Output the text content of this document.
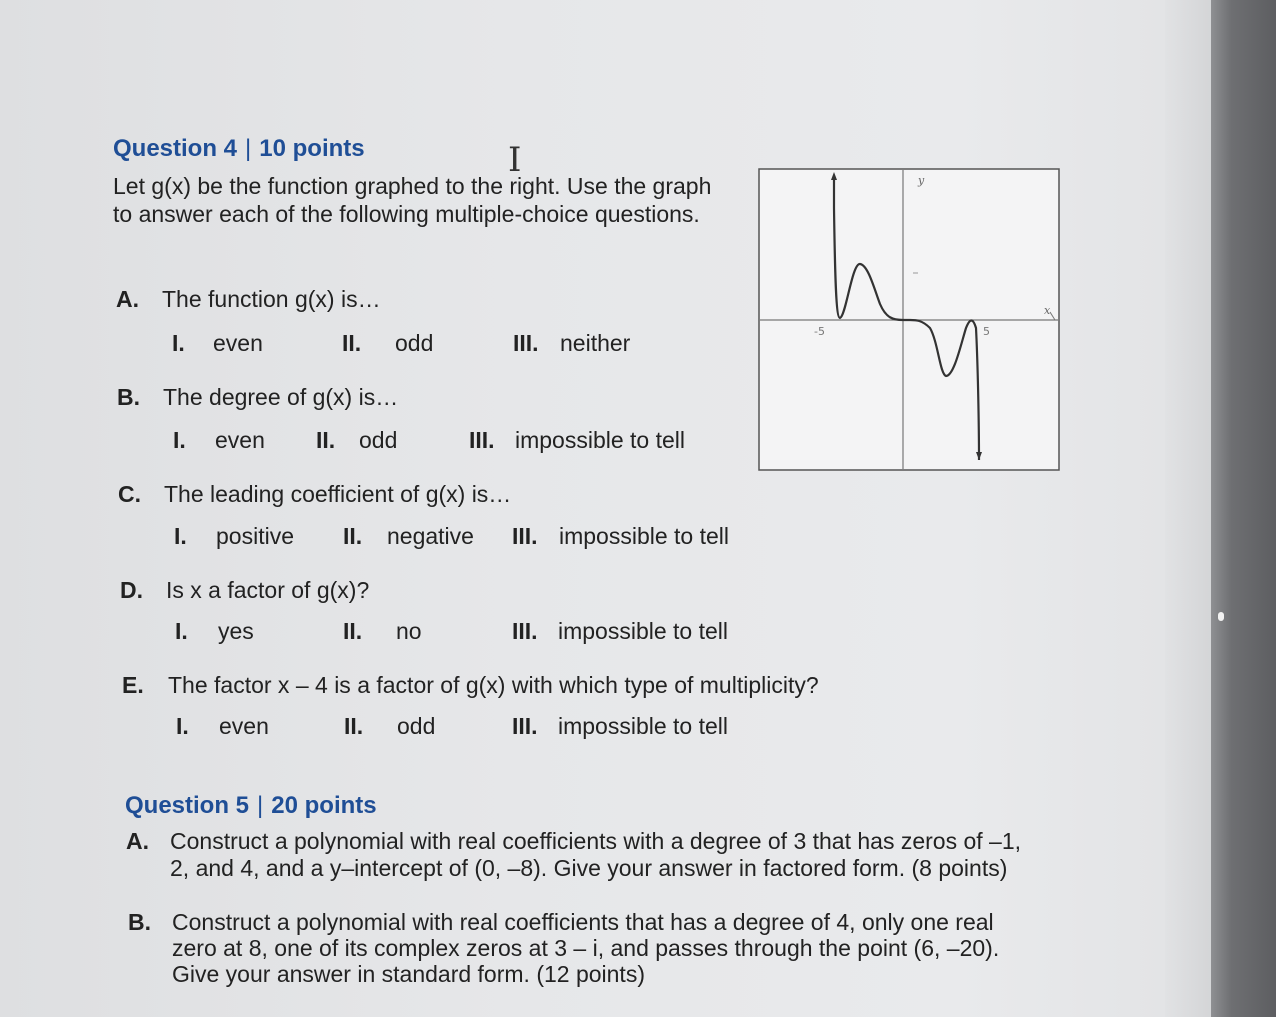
Question 4 | 10 points	I
Let g(x) be the function graphed to the right. Use the graph to answer each of the following multiple-choice questions.
A. The function g(x) is…
I. even	II. odd	III. neither
B. The degree of g(x) is…
I. even II. odd	III. impossible to tell
C. The leading coefficient of g(x) is…
I. positive II. negative III. impossible to tell
D. Is x a factor of g(x)?
I. yes	II. no	III. impossible to tell
E. The factor x – 4 is a factor of g(x) with which type of multiplicity?
I. even	II. odd	III. impossible to tell
y
x
-5	5
Question 5 | 20 points
A. Construct a polynomial with real coefficients with a degree of 3 that has zeros of –1,
2, and 4, and a y–intercept of (0, –8). Give your answer in factored form. (8 points)
B. Construct a polynomial with real coefficients that has a degree of 4, only one real
zero at 8, one of its complex zeros at 3 – i, and passes through the point (6, –20).
Give your answer in standard form. (12 points)
